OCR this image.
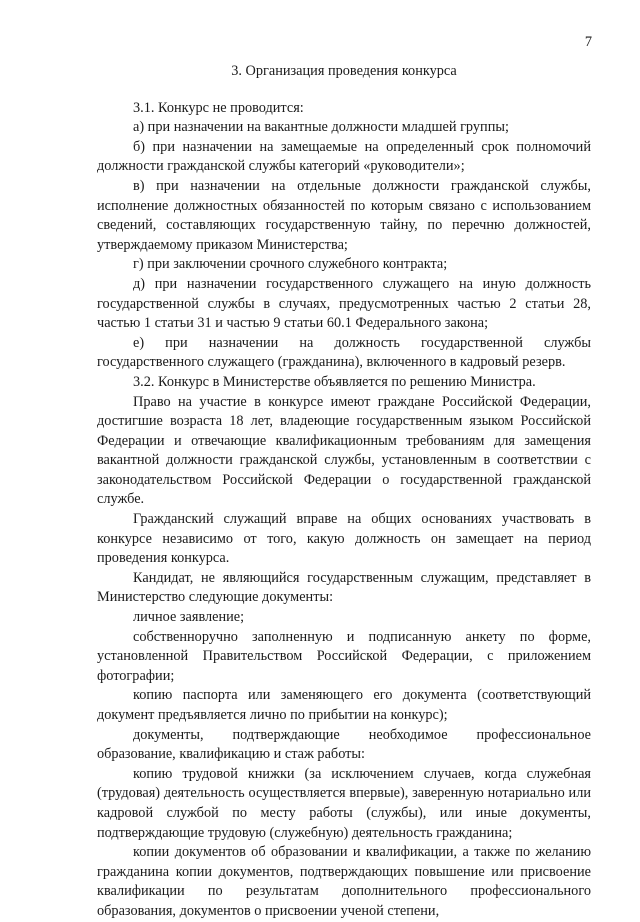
7

3. Организация проведения конкурса

3.1. Конкурс не проводится:

а) при назначении на вакантные должности младшей группы;

б) при назначении на замещаемые на определенный срок полномочий должности гражданской службы категорий «руководители»;

в) при назначении на отдельные должности гражданской службы, исполнение должностных обязанностей по которым связано с использованием сведений, составляющих государственную тайну, по перечню должностей, утверждаемому приказом Министерства;

г) при заключении срочного служебного контракта;

д) при назначении государственного служащего на иную должность государственной службы в случаях, предусмотренных частью 2 статьи 28, частью 1 статьи 31 и частью 9 статьи 60.1 Федерального закона;

е) при назначении на должность государственной службы государственного служащего (гражданина), включенного в кадровый резерв.

3.2. Конкурс в Министерстве объявляется по решению Министра.

Право на участие в конкурсе имеют граждане Российской Федерации, достигшие возраста 18 лет, владеющие государственным языком Российской Федерации и отвечающие квалификационным требованиям для замещения вакантной должности гражданской службы, установленным в соответствии с законодательством Российской Федерации о государственной гражданской службе.

Гражданский служащий вправе на общих основаниях участвовать в конкурсе независимо от того, какую должность он замещает на период проведения конкурса.

Кандидат, не являющийся государственным служащим, представляет в Министерство следующие документы:

личное заявление;

собственноручно заполненную и подписанную анкету по форме, установленной Правительством Российской Федерации, с приложением фотографии;

копию паспорта или заменяющего его документа (соответствующий документ предъявляется лично по прибытии на конкурс);

документы, подтверждающие необходимое профессиональное образование, квалификацию и стаж работы:

копию трудовой книжки (за исключением случаев, когда служебная (трудовая) деятельность осуществляется впервые), заверенную нотариально или кадровой службой по месту работы (службы), или иные документы, подтверждающие трудовую (служебную) деятельность гражданина;

копии документов об образовании и квалификации, а также по желанию гражданина копии документов, подтверждающих повышение или присвоение квалификации по результатам дополнительного профессионального образования, документов о присвоении ученой степени,
